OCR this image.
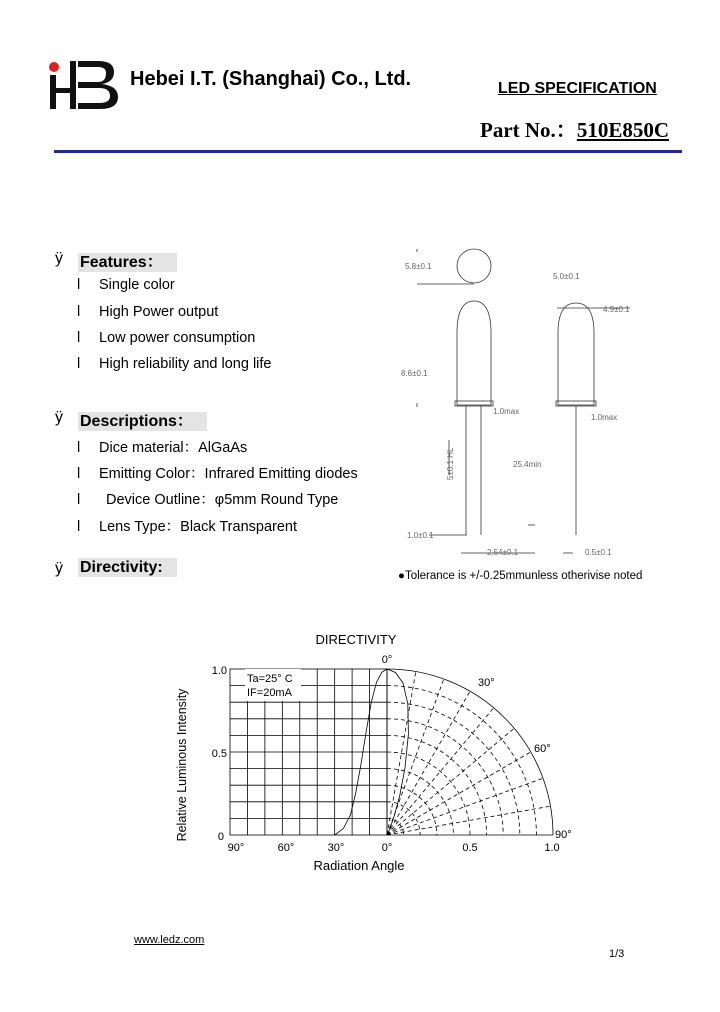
Hebei I.T. (Shanghai) Co., Ltd.	LED SPECIFICATION
Part No.：510E850C
ÿ Features：
l Single color
l High Power output
l Low power consumption
l High reliability and long life
ÿ Descriptions：
l Dice material：AlGaAs
l Emitting Color：Infrared Emitting diodes
l Device Outline：φ5mm Round Type
l Lens Type：Black Transparent
ÿ Directivity:
5.8±0.1
5.0±0.1
4.9±0.1
8.6±0.1
1.0max
1.0max
5±0.1 HL	25.4min
1.0±0.1
2.54±0.1	0.5±0.1
●Tolerance is +/-0.25mmunless otherivise noted
DIRECTIVITY
Radiation Angle
Relative Luminous Intensity
1.0
0.5
0
90°	60°	30°	0°	0.5	1.0
0°
30°
60°
90°
Ta=25° C
IF=20mA
www.ledz.com
1/3
